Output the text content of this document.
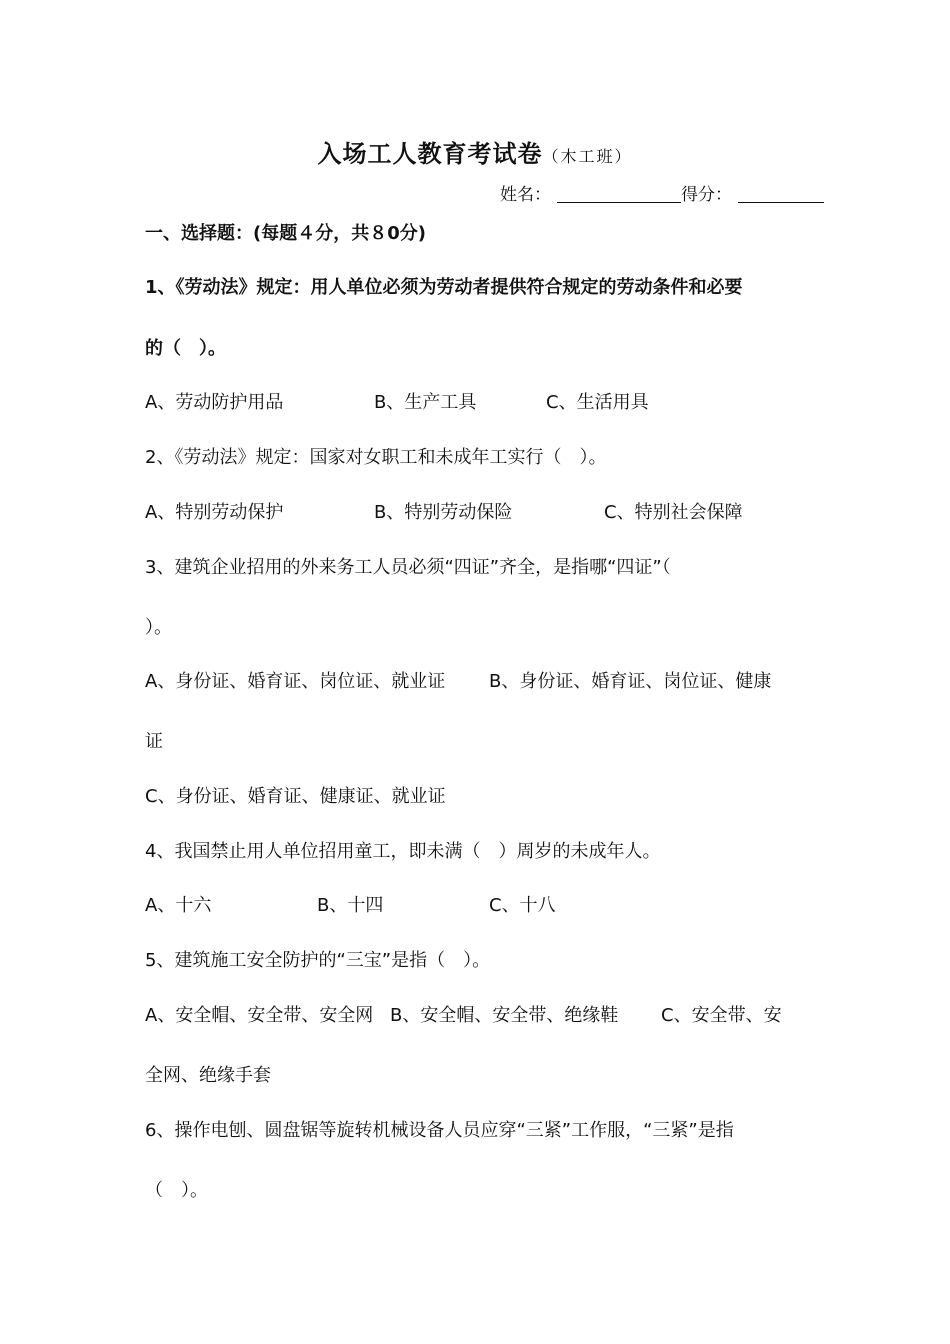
入场工人教育考试卷（木工班）
姓名：	得分：
一、选择题：(每题４分，共８0分)
1、《劳动法》规定：用人单位必须为劳动者提供符合规定的劳动条件和必要
的（　）。
A、劳动防护用品	B、生产工具	C、生活用具
2、《劳动法》规定：国家对女职工和未成年工实行（　）。
A、特别劳动保护	B、特别劳动保险	C、特别社会保障
3、建筑企业招用的外来务工人员必须“四证”齐全，是指哪“四证”（
）。
A、身份证、婚育证、岗位证、就业证 B、身份证、婚育证、岗位证、健康
证
C、身份证、婚育证、健康证、就业证
4、我国禁止用人单位招用童工，即未满（　）周岁的未成年人。
A、十六	B、十四	C、十八
5、建筑施工安全防护的“三宝”是指（　）。
A、安全帽、安全带、安全网 B、安全帽、安全带、绝缘鞋 C、安全带、安
全网、绝缘手套
6、操作电刨、圆盘锯等旋转机械设备人员应穿“三紧”工作服，“三紧”是指
（　）。
